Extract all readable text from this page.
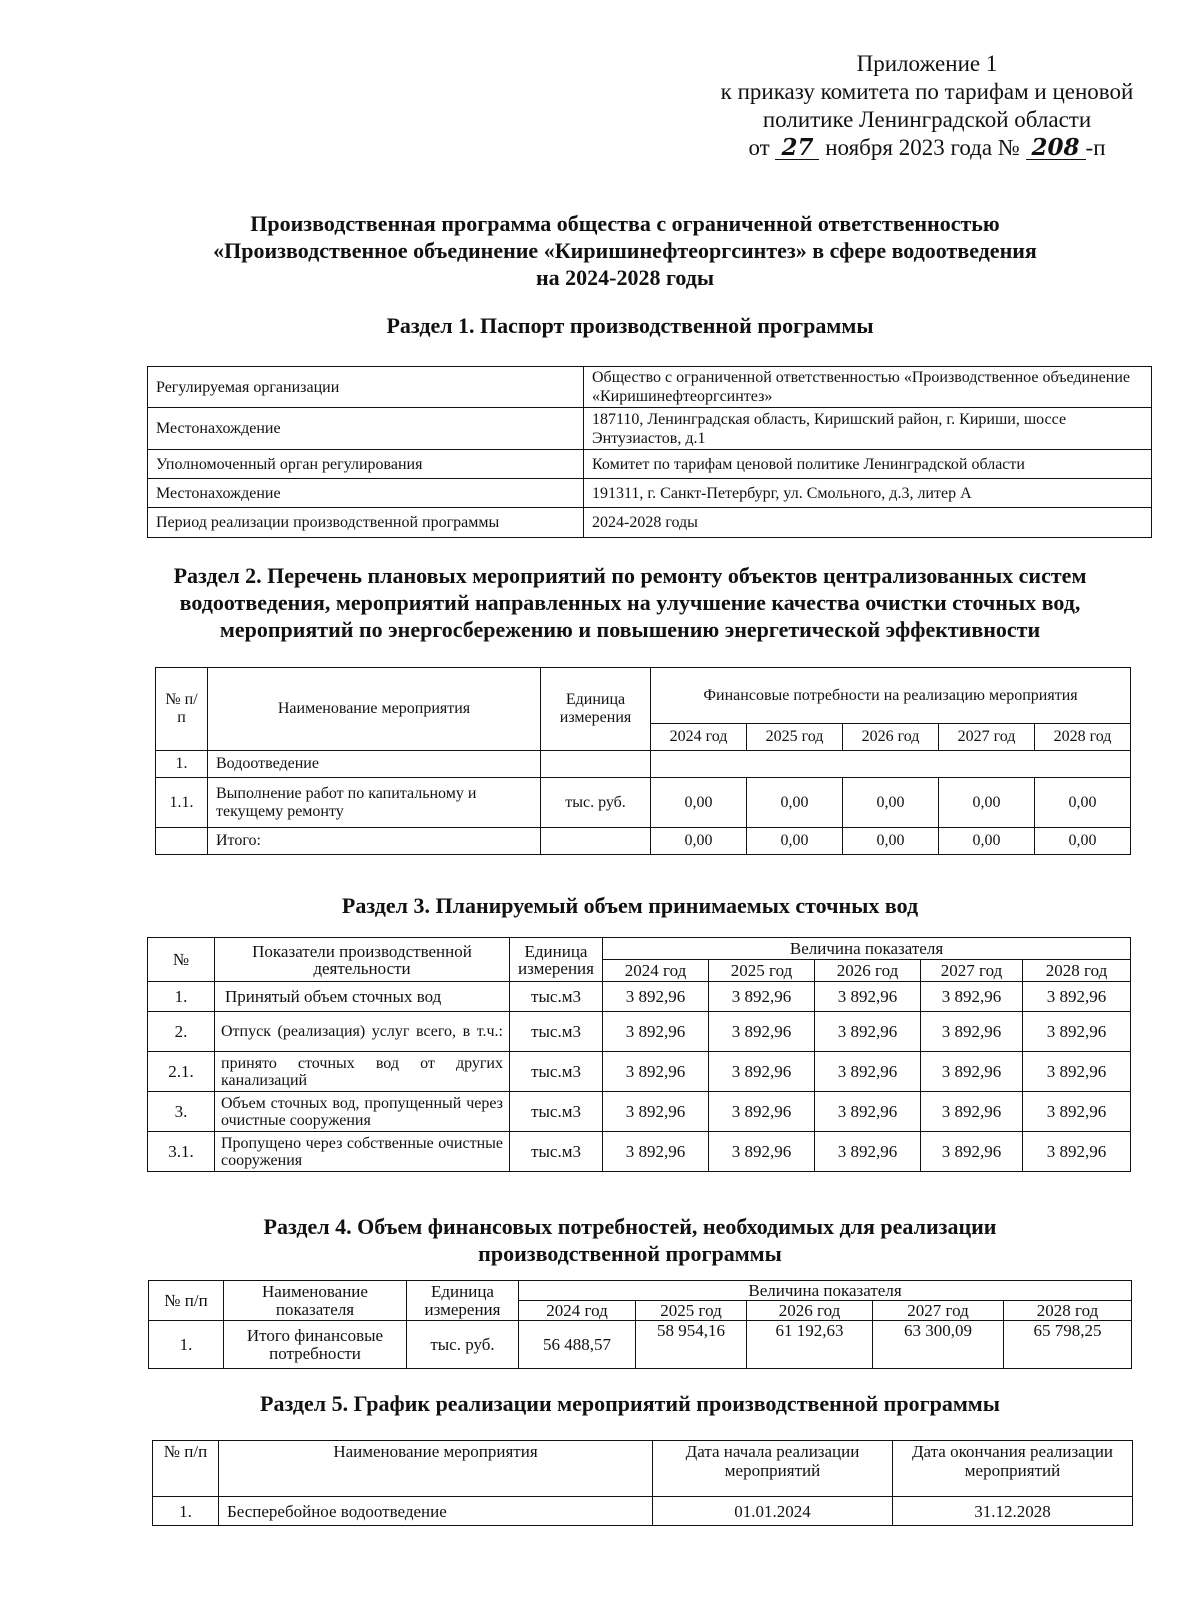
Приложение 1
к приказу комитета по тарифам и ценовой
политике Ленинградской области
от 27 ноября 2023 года № 208 -п
Производственная программа общества с ограниченной ответственностью
«Производственное объединение «Киришинефтеоргсинтез» в сфере водоотведения
на 2024-2028 годы
Раздел 1. Паспорт производственной программы
Регулируемая организации	Общество с ограниченной ответственностью «Производственное объединение «Киришинефтеоргсинтез»
Местонахождение	187110, Ленинградская область, Киришский район, г. Кириши, шоссе Энтузиастов, д.1
Уполномоченный орган регулирования	Комитет по тарифам ценовой политике Ленинградской области
Местонахождение	191311, г. Санкт-Петербург, ул. Смольного, д.3, литер А
Период реализации производственной программы	2024-2028 годы
Раздел 2. Перечень плановых мероприятий по ремонту объектов централизованных систем
водоотведения, мероприятий направленных на улучшение качества очистки сточных вод,
мероприятий по энергосбережению и повышению энергетической эффективности
№ п/п	Наименование мероприятия	Единица измерения	Финансовые потребности на реализацию мероприятия				
			2024 год	2025 год	2026 год	2027 год	2028 год
1.	Водоотведение						
1.1.	Выполнение работ по капитальному и текущему ремонту	тыс. руб.	0,00	0,00	0,00	0,00	0,00
	Итого:		0,00	0,00	0,00	0,00	0,00
Раздел 3. Планируемый объем принимаемых сточных вод
№	Показатели производственной деятельности	Единица измерения	Величина показателя				
			2024 год	2025 год	2026 год	2027 год	2028 год
1.	Принятый объем сточных вод	тыс.м3	3 892,96	3 892,96	3 892,96	3 892,96	3 892,96
2.	Отпуск (реализация) услуг всего, в т.ч.:	тыс.м3	3 892,96	3 892,96	3 892,96	3 892,96	3 892,96
2.1.	принято сточных вод от других канализаций	тыс.м3	3 892,96	3 892,96	3 892,96	3 892,96	3 892,96
3.	Объем сточных вод, пропущенный через очистные сооружения	тыс.м3	3 892,96	3 892,96	3 892,96	3 892,96	3 892,96
3.1.	Пропущено через собственные очистные сооружения	тыс.м3	3 892,96	3 892,96	3 892,96	3 892,96	3 892,96
Раздел 4. Объем финансовых потребностей, необходимых для реализации
производственной программы
№ п/п	Наименование показателя	Единица измерения	Величина показателя				
			2024 год	2025 год	2026 год	2027 год	2028 год
1.	Итого финансовые потребности	тыс. руб.	56 488,57	58 954,16	61 192,63	63 300,09	65 798,25
Раздел 5. График реализации мероприятий производственной программы
№ п/п	Наименование мероприятия	Дата начала реализации мероприятий	Дата окончания реализации мероприятий
1.	Бесперебойное водоотведение	01.01.2024	31.12.2028
